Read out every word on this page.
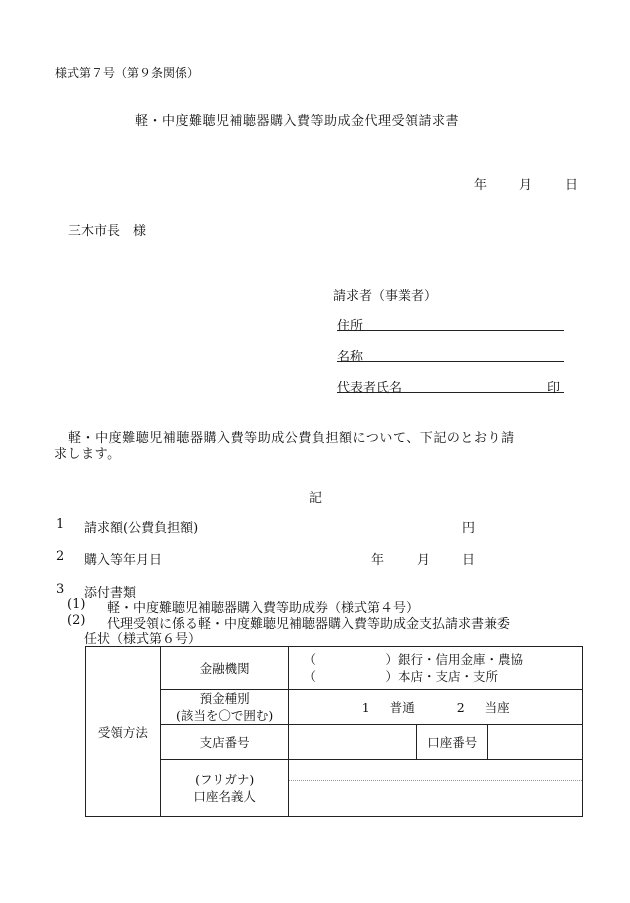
様式第７号（第９条関係）
軽・中度難聴児補聴器購入費等助成金代理受領請求書
年 月	日
三木市長　様
請求者（事業者）
住所
名称
代表者氏名	印
軽・中度難聴児補聴器購入費等助成公費負担額について、下記のとおり請
求します。
記
1 請求額(公費負担額)	円
2 購入等年月日	年	月 日
3 添付書類
(1) 軽・中度難聴児補聴器購入費等助成券（様式第４号）
(2) 代理受領に係る軽・中度難聴児補聴器購入費等助成金支払請求書兼委
任状（様式第６号）
受領方法	金融機関	（ ）銀行・信用金庫・農協
（ ）本店・支店・支所		

	預金種別
(該当を〇で囲む)	1 普通 2 当座		
	支店番号		口座番号	

	(フリガナ)
口座名義人			
